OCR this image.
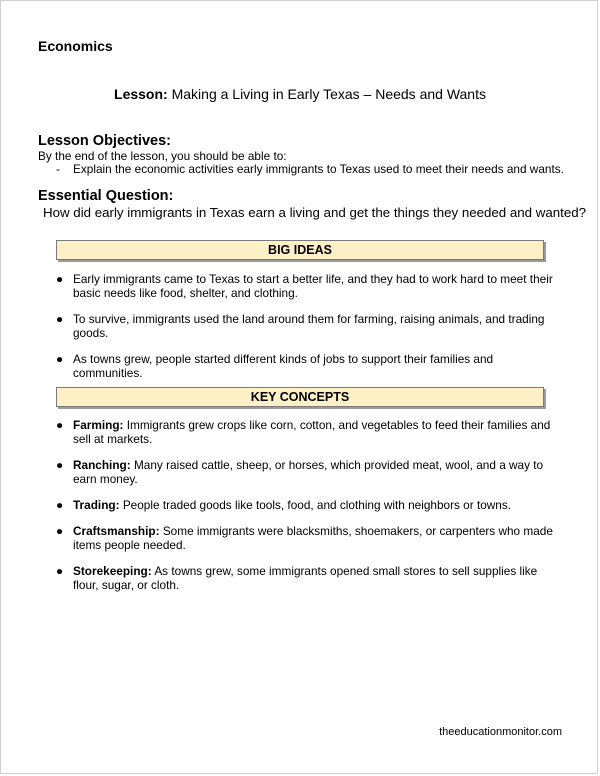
Economics
Lesson: Making a Living in Early Texas – Needs and Wants
Lesson Objectives:
By the end of the lesson, you should be able to:
- Explain the economic activities early immigrants to Texas used to meet their needs and wants.
Essential Question:
How did early immigrants in Texas earn a living and get the things they needed and wanted?
BIG IDEAS
● Early immigrants came to Texas to start a better life, and they had to work hard to meet their basic needs like food, shelter, and clothing.
● To survive, immigrants used the land around them for farming, raising animals, and trading goods.
● As towns grew, people started different kinds of jobs to support their families and communities.
KEY CONCEPTS
● Farming: Immigrants grew crops like corn, cotton, and vegetables to feed their families and sell at markets.
● Ranching: Many raised cattle, sheep, or horses, which provided meat, wool, and a way to earn money.
● Trading: People traded goods like tools, food, and clothing with neighbors or towns.
● Craftsmanship: Some immigrants were blacksmiths, shoemakers, or carpenters who made items people needed.
● Storekeeping: As towns grew, some immigrants opened small stores to sell supplies like flour, sugar, or cloth.
theeducationmonitor.com
